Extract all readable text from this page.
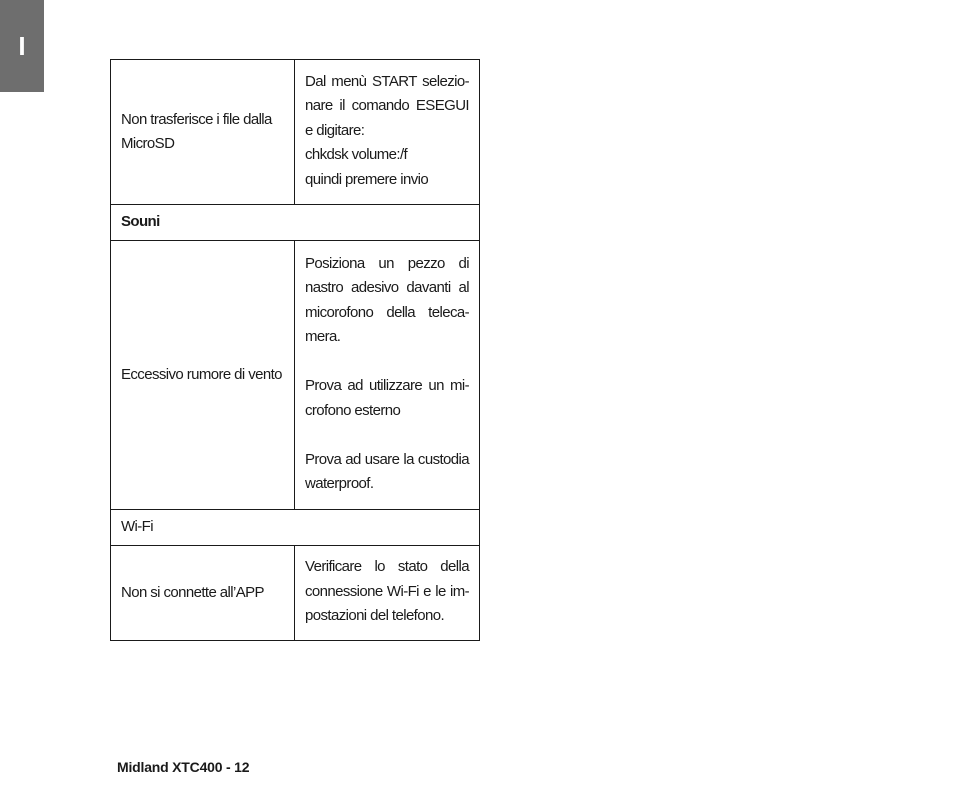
I
Non trasferisce i file dalla MicroSD	Dal menù START selezio-nare il comando ESEGUI e digitare:
chkdsk volume:/f
quindi premere invio

Souni	
Eccessivo rumore di vento	Posiziona un pezzo di nastro adesivo davanti al micorofono della teleca-mera.
Prova ad utilizzare un mi-crofono esterno
Prova ad usare la custodia waterproof.

Wi-Fi	
Non si connette all’APP	Verificare lo stato della connessione Wi-Fi e le im-postazioni del telefono.
Midland XTC400 - 12
